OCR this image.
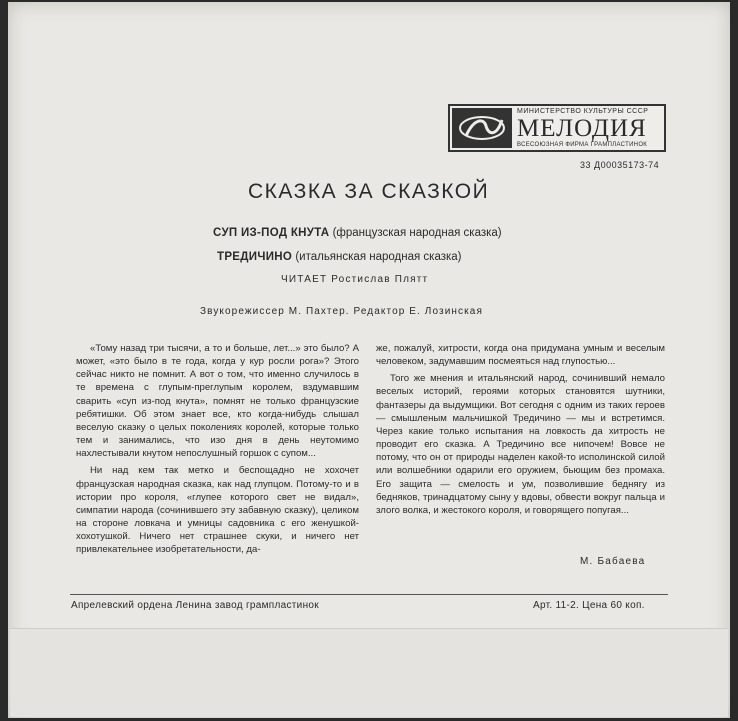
МИНИСТЕРСТВО КУЛЬТУРЫ СССР
МЕЛОДИЯ
ВСЕСОЮЗНАЯ ФИРМА ГРАМПЛАСТИНОК
33 Д00035173-74
СКАЗКА ЗА СКАЗКОЙ
СУП ИЗ-ПОД КНУТА (французская народная сказка)
ТРЕДИЧИНО (итальянская народная сказка)
ЧИТАЕТ Ростислав Плятт
Звукорежиссер М. Пахтер. Редактор Е. Лозинская

«Тому назад три тысячи, а то и больше, лет...» это было? А может, «это было в те года, когда у кур росли рога»? Этого сейчас никто не помнит. А вот о том, что именно случилось в те времена с глупым-преглупым королем, вздумавшим сварить «суп из-под кнута», помнят не только французские ребятишки. Об этом знает все, кто когда-нибудь слышал веселую сказку о целых поколениях королей, которые только тем и занимались, что изо дня в день неутомимо нахлестывали кнутом непослушный горшок с супом...

Ни над кем так метко и беспощадно не хохочет французская народная сказка, как над глупцом. Потому-то и в истории про короля, «глупее которого свет не видал», симпатии народа (сочинившего эту забавную сказку), целиком на стороне ловкача и умницы садовника с его женушкой-хохотушкой. Ничего нет страшнее скуки, и ничего нет привлекательнее изобретательности, да-

же, пожалуй, хитрости, когда она придумана умным и веселым человеком, задумавшим посмеяться над глупостью...

Того же мнения и итальянский народ, сочинивший немало веселых историй, героями которых становятся шутники, фантазеры да выдумщики. Вот сегодня с одним из таких героев — смышленым мальчишкой Тредичино — мы и встретимся. Через какие только испытания на ловкость да хитрость не проводит его сказка. А Тредичино все нипочем! Вовсе не потому, что он от природы наделен какой-то исполинской силой или волшебники одарили его оружием, бьющим без промаха. Его защита — смелость и ум, позволившие беднягу из бедняков, тринадцатому сыну у вдовы, обвести вокруг пальца и злого волка, и жестокого короля, и говорящего попугая...

М. Бабаева
Апрелевский ордена Ленина завод грампластинок	Арт. 11-2. Цена 60 коп.
